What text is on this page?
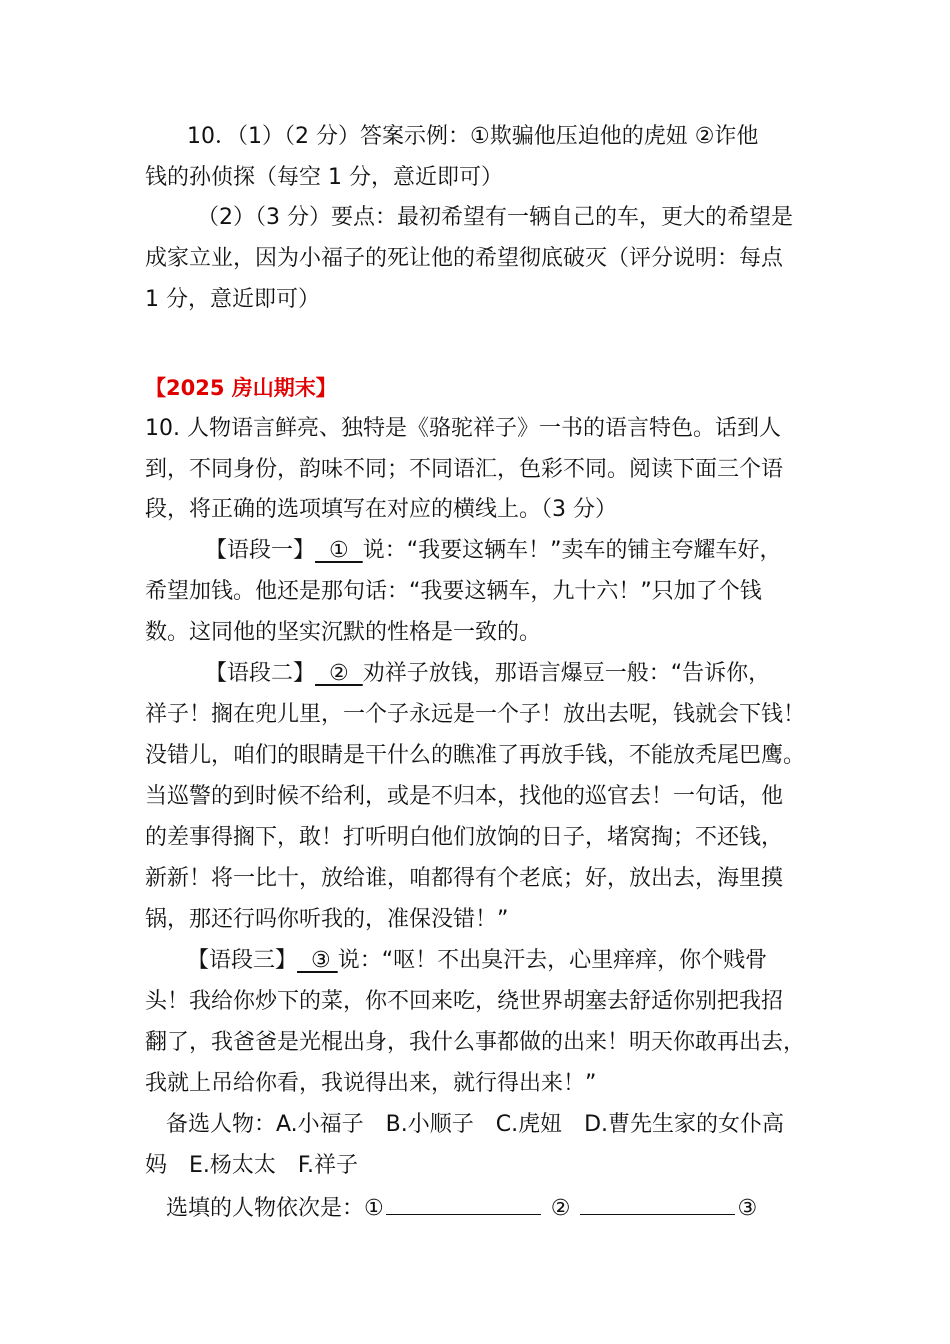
10．（1）（2 分）答案示例：①欺骗他压迫他的虎妞 ②诈他
钱的孙侦探（每空 1 分，意近即可）
（2）（3 分）要点：最初希望有一辆自己的车，更大的希望是
成家立业，因为小福子的死让他的希望彻底破灭（评分说明：每点
1 分，意近即可）
【2025 房山期末】
10. 人物语言鲜亮、独特是《骆驼祥子》一书的语言特色。话到人
到，不同身份，韵味不同；不同语汇，色彩不同。阅读下面三个语
段，将正确的选项填写在对应的横线上。（3 分）
【语段一】  ①  说：“我要这辆车！”卖车的铺主夸耀车好，
希望加钱。他还是那句话：“我要这辆车，九十六！”只加了个钱
数。这同他的坚实沉默的性格是一致的。
【语段二】  ②  劝祥子放钱，那语言爆豆一般：“告诉你，
祥子！搁在兜儿里，一个子永远是一个子！放出去呢，钱就会下钱！
没错儿，咱们的眼睛是干什么的瞧准了再放手钱，不能放秃尾巴鹰。
当巡警的到时候不给利，或是不归本，找他的巡官去！一句话，他
的差事得搁下，敢！打听明白他们放饷的日子，堵窝掏；不还钱，
新新！将一比十，放给谁，咱都得有个老底；好，放出去，海里摸
锅，那还行吗你听我的，准保没错！”
【语段三】  ③ 说：“呕！不出臭汗去，心里痒痒，你个贱骨
头！我给你炒下的菜，你不回来吃，绕世界胡塞去舒适你别把我招
翻了，我爸爸是光棍出身，我什么事都做的出来！明天你敢再出去，
我就上吊给你看，我说得出来，就行得出来！”
备选人物：A.小福子　B.小顺子　C.虎妞　D.曹先生家的女仆高
妈　E.杨太太　F.祥子
选填的人物依次是：①	②	③
